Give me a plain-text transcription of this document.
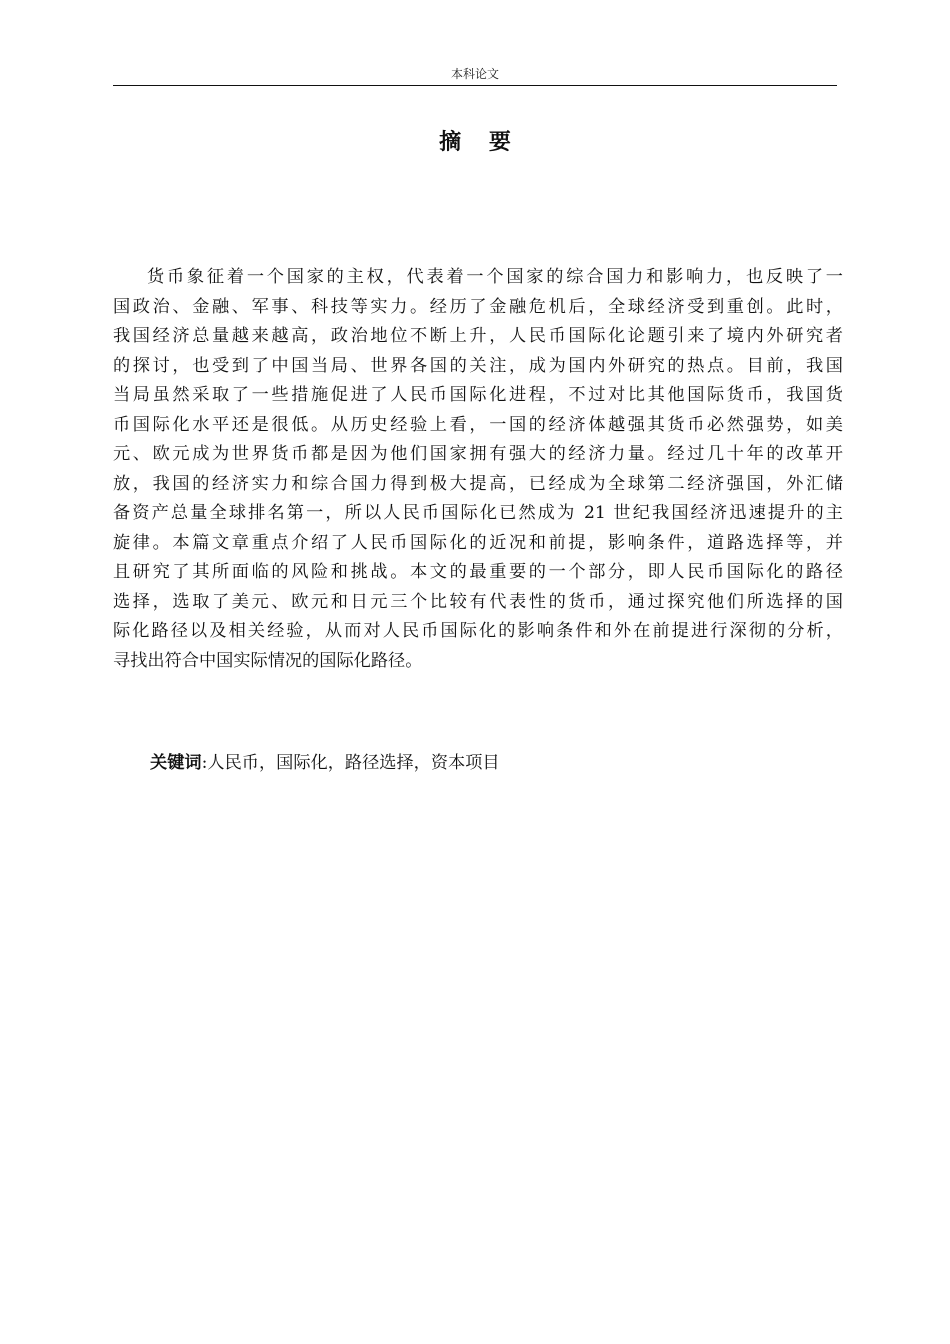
本科论文
摘 要
货币象征着一个国家的主权，代表着一个国家的综合国力和影响力，也反映了一
国政治、金融、军事、科技等实力。经历了金融危机后，全球经济受到重创。此时，
我国经济总量越来越高，政治地位不断上升，人民币国际化论题引来了境内外研究者
的探讨，也受到了中国当局、世界各国的关注，成为国内外研究的热点。目前，我国
当局虽然采取了一些措施促进了人民币国际化进程，不过对比其他国际货币，我国货
币国际化水平还是很低。从历史经验上看，一国的经济体越强其货币必然强势，如美
元、欧元成为世界货币都是因为他们国家拥有强大的经济力量。经过几十年的改革开
放，我国的经济实力和综合国力得到极大提高，已经成为全球第二经济强国，外汇储
备资产总量全球排名第一，所以人民币国际化已然成为 21 世纪我国经济迅速提升的主
旋律。本篇文章重点介绍了人民币国际化的近况和前提，影响条件，道路选择等，并
且研究了其所面临的风险和挑战。本文的最重要的一个部分，即人民币国际化的路径
选择，选取了美元、欧元和日元三个比较有代表性的货币，通过探究他们所选择的国
际化路径以及相关经验，从而对人民币国际化的影响条件和外在前提进行深彻的分析，
寻找出符合中国实际情况的国际化路径。
关键词:人民币，国际化，路径选择，资本项目
